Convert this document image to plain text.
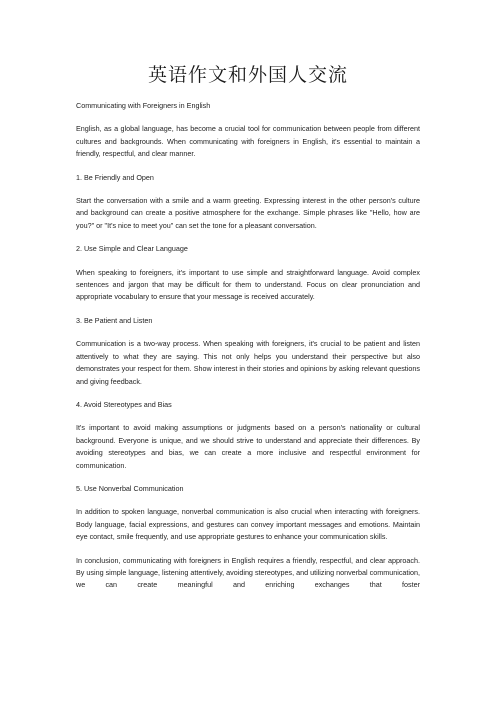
英语作文和外国人交流

Communicating with Foreigners in English

English, as a global language, has become a crucial tool for communication between people from different cultures and backgrounds. When communicating with foreigners in English, it's essential to maintain a friendly, respectful, and clear manner.

1. Be Friendly and Open

Start the conversation with a smile and a warm greeting. Expressing interest in the other person's culture and background can create a positive atmosphere for the exchange. Simple phrases like "Hello, how are you?" or "It's nice to meet you" can set the tone for a pleasant conversation.

2. Use Simple and Clear Language

When speaking to foreigners, it's important to use simple and straightforward language. Avoid complex sentences and jargon that may be difficult for them to understand. Focus on clear pronunciation and appropriate vocabulary to ensure that your message is received accurately.

3. Be Patient and Listen

Communication is a two-way process. When speaking with foreigners, it's crucial to be patient and listen attentively to what they are saying. This not only helps you understand their perspective but also demonstrates your respect for them. Show interest in their stories and opinions by asking relevant questions and giving feedback.

4. Avoid Stereotypes and Bias

It's important to avoid making assumptions or judgments based on a person's nationality or cultural background. Everyone is unique, and we should strive to understand and appreciate their differences. By avoiding stereotypes and bias, we can create a more inclusive and respectful environment for communication.

5. Use Nonverbal Communication

In addition to spoken language, nonverbal communication is also crucial when interacting with foreigners. Body language, facial expressions, and gestures can convey important messages and emotions. Maintain eye contact, smile frequently, and use appropriate gestures to enhance your communication skills.

In conclusion, communicating with foreigners in English requires a friendly, respectful, and clear approach. By using simple language, listening attentively, avoiding stereotypes, and utilizing nonverbal communication, we can create meaningful and enriching exchanges that foster
